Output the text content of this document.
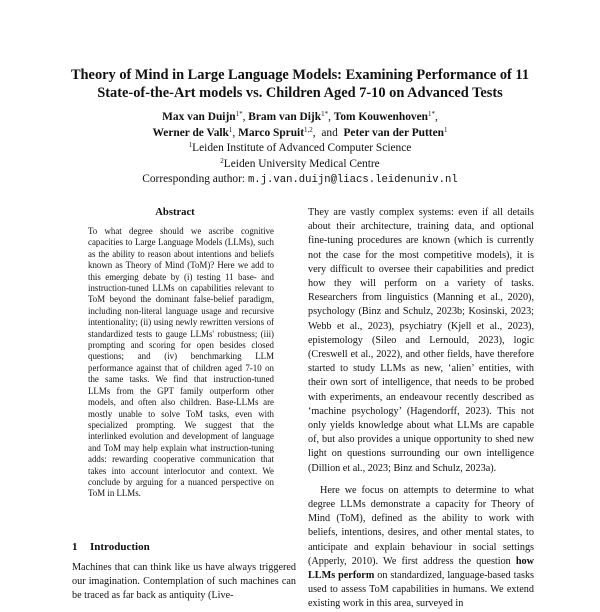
Theory of Mind in Large Language Models: Examining Performance of 11
State-of-the-Art models vs. Children Aged 7-10 on Advanced Tests
Max van Duijn$^{1*}$, Bram van Dijk$^{1*}$, Tom Kouwenhoven$^{1*}$,
Werner de Valk$^1$, Marco Spruit$^{1,2}$,  and Peter van der Putten$^1$
$^1$Leiden Institute of Advanced Computer Science
$^2$Leiden University Medical Centre
Corresponding author: m.j.van.duijn@liacs.leidenuniv.nl
Abstract
To what degree should we ascribe cognitive capacities to Large Language Models (LLMs), such as the ability to reason about intentions and beliefs known as Theory of Mind (ToM)? Here we add to this emerging debate by (i) testing 11 base- and instruction-tuned LLMs on capabilities relevant to ToM beyond the dominant false-belief paradigm, including non-literal language usage and recursive intentionality; (ii) using newly rewritten versions of standardized tests to gauge LLMs' robustness; (iii) prompting and scoring for open besides closed questions; and (iv) benchmarking LLM performance against that of children aged 7-10 on the same tasks. We find that instruction-tuned LLMs from the GPT family outperform other models, and often also children. Base-LLMs are mostly unable to solve ToM tasks, even with specialized prompting. We suggest that the interlinked evolution and development of language and ToM may help explain what instruction-tuning adds: rewarding cooperative communication that takes into account interlocutor and context. We conclude by arguing for a nuanced perspective on ToM in LLMs.
1 Introduction
Machines that can think like us have always triggered our imagination. Contemplation of such machines can be traced as far back as antiquity (Live-

They are vastly complex systems: even if all details about their architecture, training data, and optional fine-tuning procedures are known (which is currently not the case for the most competitive models), it is very difficult to oversee their capabilities and predict how they will perform on a variety of tasks. Researchers from linguistics (Manning et al., 2020), psychology (Binz and Schulz, 2023b; Kosinski, 2023; Webb et al., 2023), psychiatry (Kjell et al., 2023), epistemology (Sileo and Lernould, 2023), logic (Creswell et al., 2022), and other fields, have therefore started to study LLMs as new, ‘alien’ entities, with their own sort of intelligence, that needs to be probed with experiments, an endeavour recently described as ‘machine psychology’ (Hagendorff, 2023). This not only yields knowledge about what LLMs are capable of, but also provides a unique opportunity to shed new light on questions surrounding our own intelligence (Dillion et al., 2023; Binz and Schulz, 2023a).

Here we focus on attempts to determine to what degree LLMs demonstrate a capacity for Theory of Mind (ToM), defined as the ability to work with beliefs, intentions, desires, and other mental states, to anticipate and explain behaviour in social settings (Apperly, 2010). We first address the question how LLMs perform on standardized, language-based tasks used to assess ToM capabilities in humans. We extend existing work in this area, surveyed in
